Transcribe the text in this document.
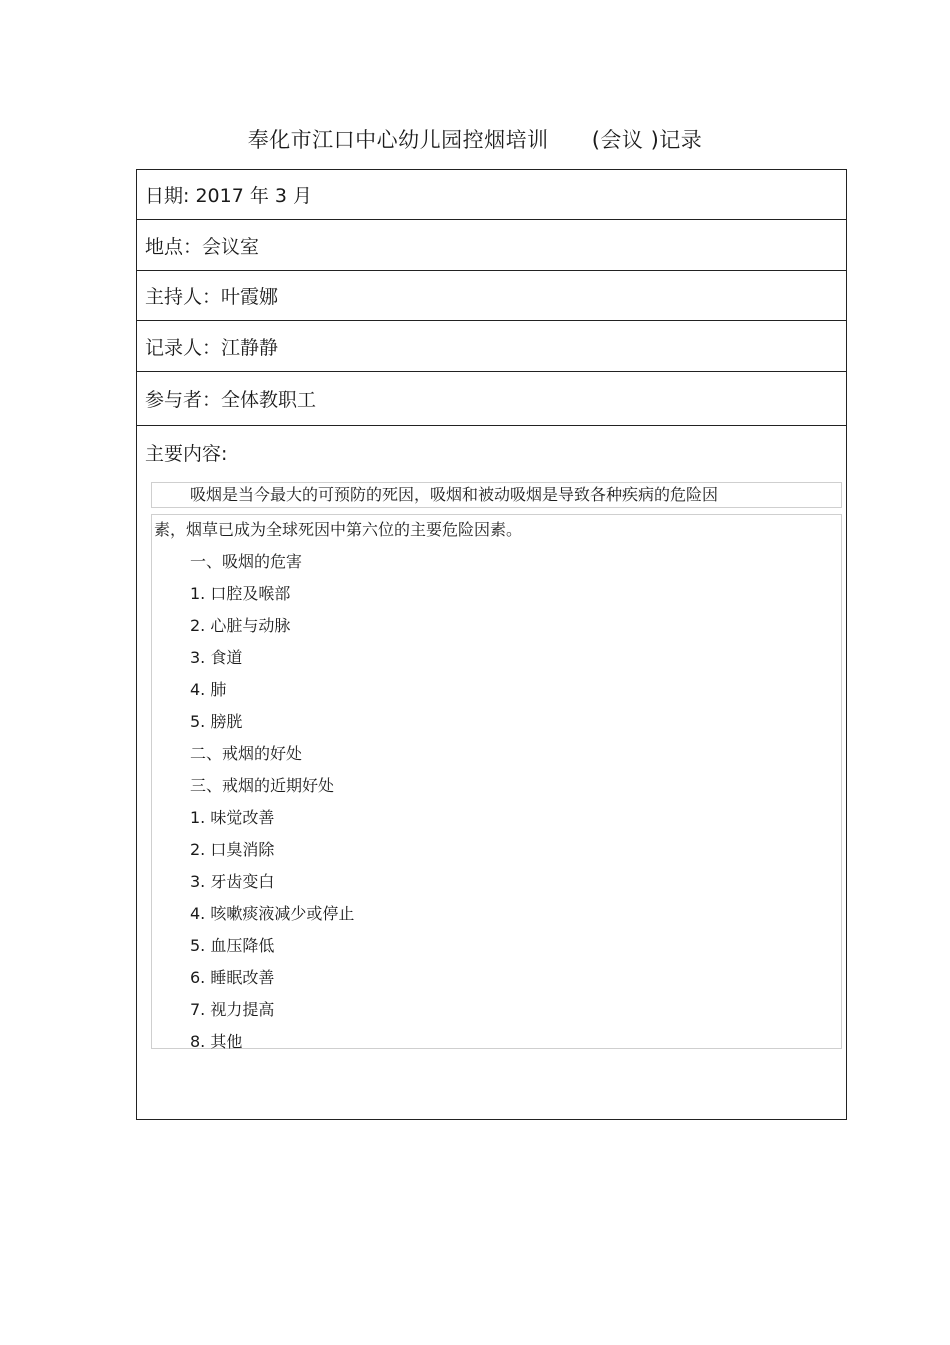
奉化市江口中心幼儿园控烟培训      (会议 )记录
日期: 2017 年 3 月
地点：会议室
主持人：叶霞娜
记录人：江静静
参与者：全体教职工
主要内容:
吸烟是当今最大的可预防的死因，吸烟和被动吸烟是导致各种疾病的危险因
素，烟草已成为全球死因中第六位的主要危险因素。
一、吸烟的危害
1. 口腔及喉部
2. 心脏与动脉
3. 食道
4. 肺
5. 膀胱
二、戒烟的好处
三、戒烟的近期好处
1. 味觉改善
2. 口臭消除
3. 牙齿变白
4. 咳嗽痰液减少或停止
5. 血压降低
6. 睡眠改善
7. 视力提高
8. 其他
